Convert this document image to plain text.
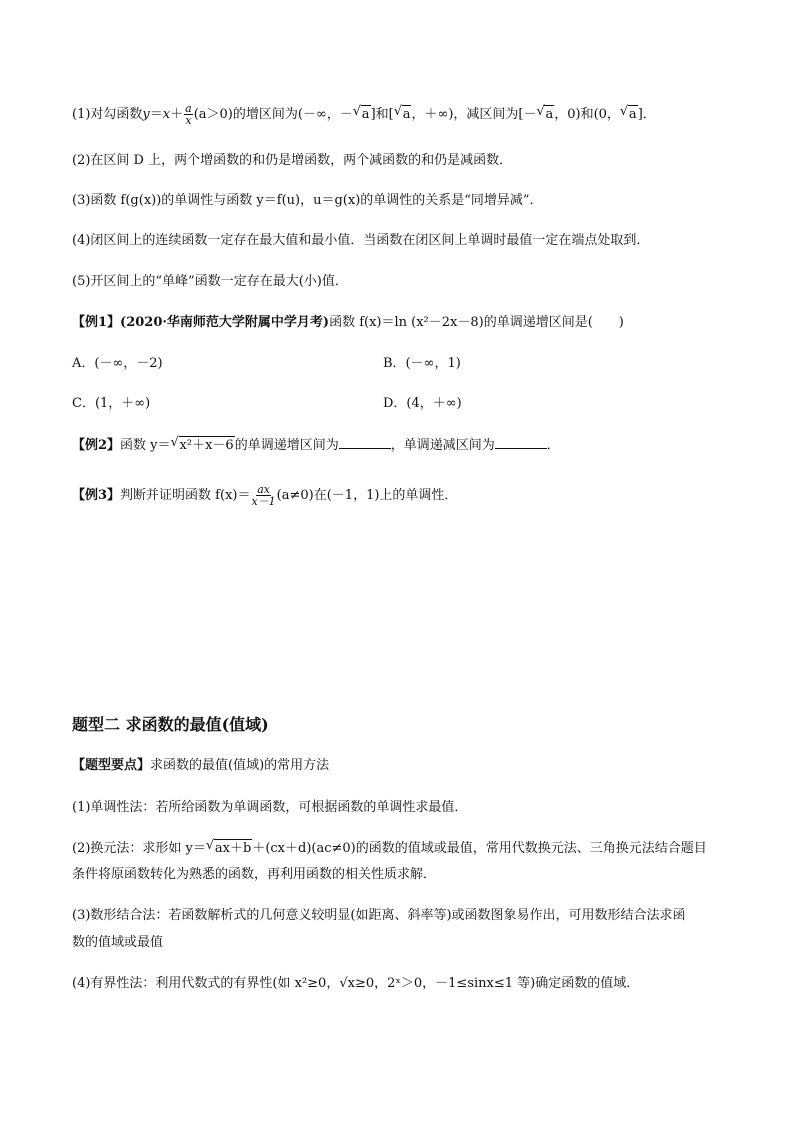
(1)对勾函数$y=x+ \frac{a}{x} (a>0)$的增区间为(－∞，－ √ a]和[ √ a，＋∞)，减区间为[－ √ a，0)和(0， √ a]．
(2)在区间 D 上，两个增函数的和仍是增函数，两个减函数的和仍是减函数．
(3)函数 f(g(x))的单调性与函数 y＝f(u)，u＝g(x)的单调性的关系是“同增异减”．
(4)闭区间上的连续函数一定存在最大值和最小值．当函数在闭区间上单调时最值一定在端点处取到．
(5)开区间上的“单峰”函数一定存在最大(小)值．
【例1】(2020·华南师范大学附属中学月考)函数 f(x)＝ln (x²－2x－8)的单调递增区间是(　　)
A．(－∞，－2)	B．(－∞，1)
C．(1，＋∞)	D．(4，＋∞)
【例2】函数 y＝ √ x²＋x－6的单调递增区间为	，单调递减区间为	．
【例3】判断并证明函数 $f(x)= \frac{ax}{x-1} (a\ne 0)$在(－1，1)上的单调性．
题型二 求函数的最值(值域)
【题型要点】求函数的最值(值域)的常用方法
(1)单调性法：若所给函数为单调函数，可根据函数的单调性求最值．
(2)换元法：求形如 y＝ √ ax＋b＋(cx＋d)(ac≠0)的函数的值域或最值，常用代数换元法、三角换元法结合题目
条件将原函数转化为熟悉的函数，再利用函数的相关性质求解．
(3)数形结合法：若函数解析式的几何意义较明显(如距离、斜率等)或函数图象易作出，可用数形结合法求函
数的值域或最值
(4)有界性法：利用代数式的有界性(如 x²≥0，√x≥0，2ˣ＞0，－1≤sinx≤1 等)确定函数的值域．
